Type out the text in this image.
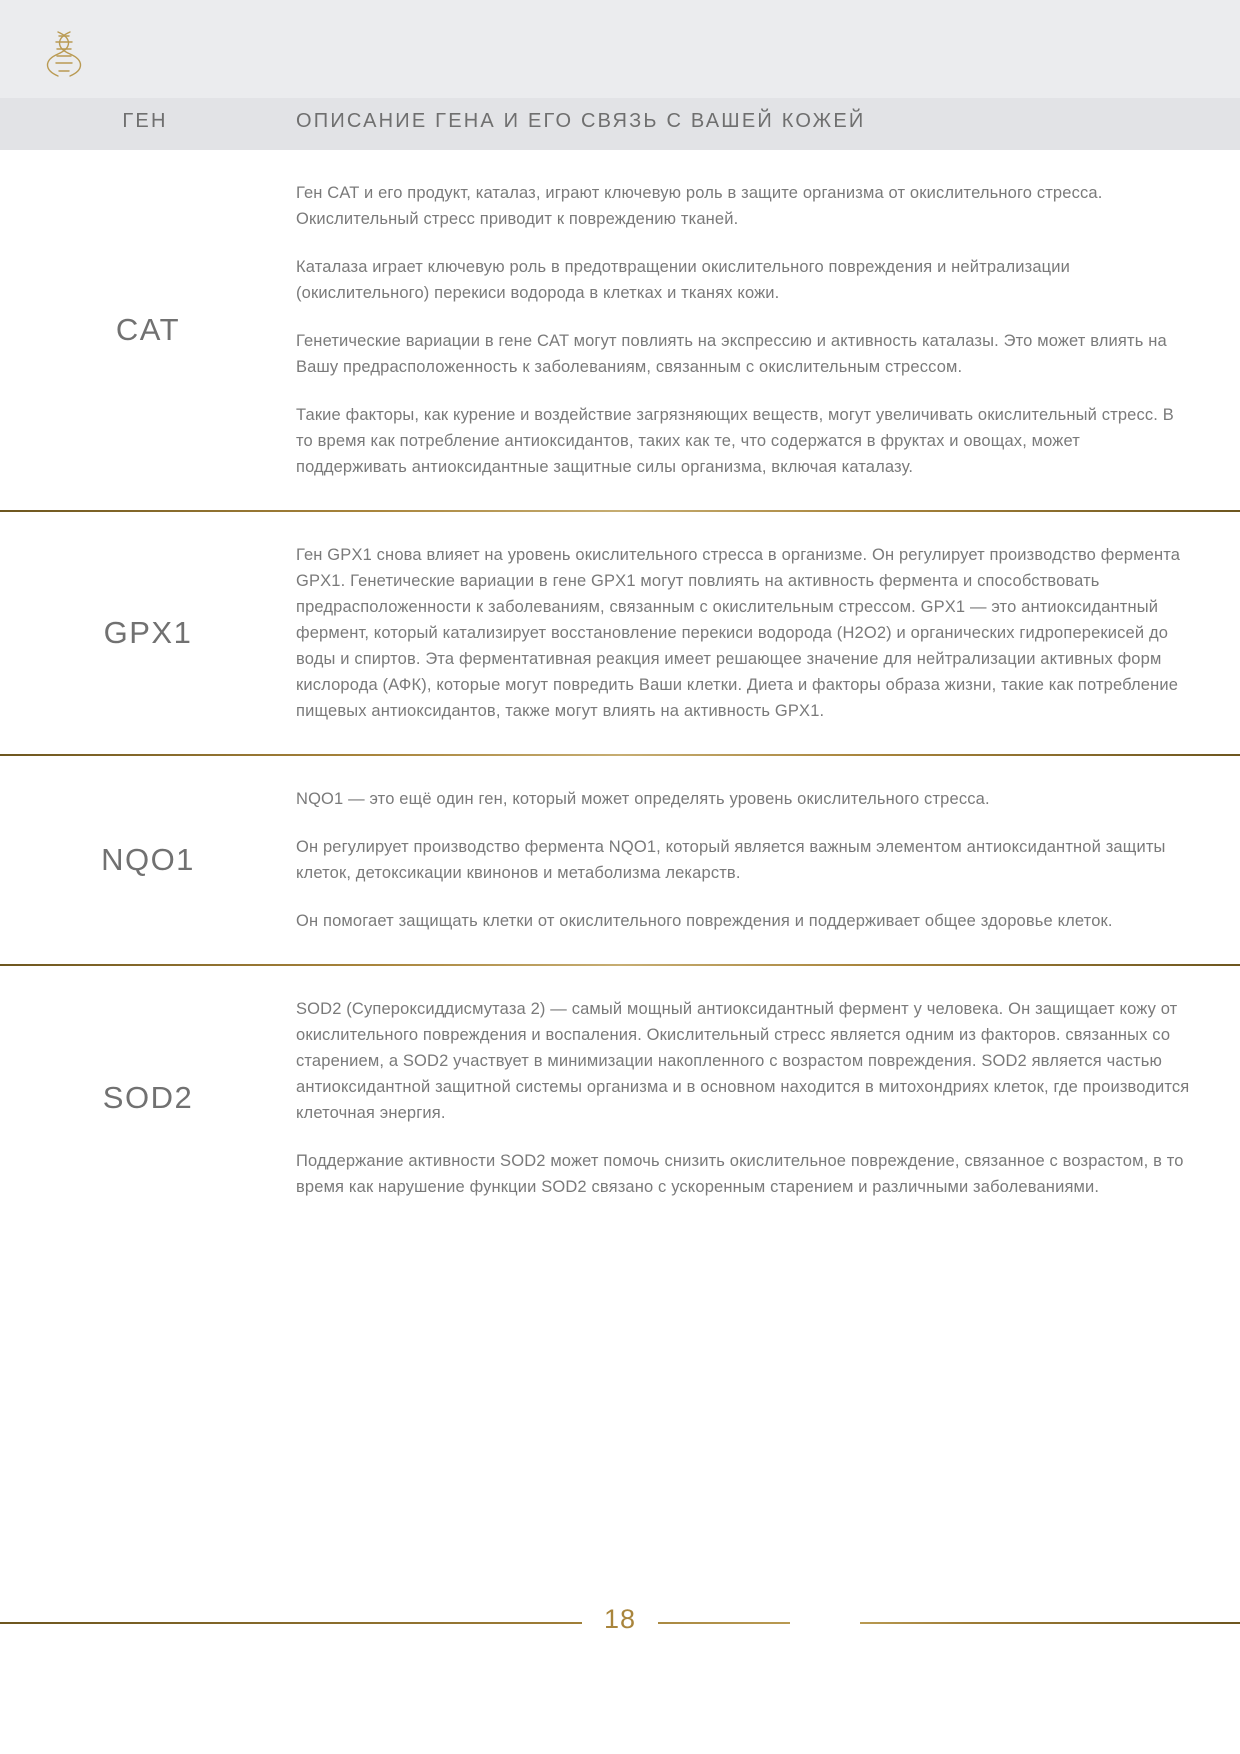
ГЕН	ОПИСАНИЕ ГЕНА И ЕГО СВЯЗЬ С ВАШЕЙ КОЖЕЙ
CAT

Ген CAT и его продукт, каталаз, играют ключевую роль в защите организма от окислительного стресса. Окислительный стресс приводит к повреждению тканей.

Каталаза играет ключевую роль в предотвращении окислительного повреждения и нейтрализации (окислительного) перекиси водорода в клетках и тканях кожи.

Генетические вариации в гене CAT могут повлиять на экспрессию и активность каталазы. Это может влиять на Вашу предрасположенность к заболеваниям, связанным с окислительным стрессом.

Такие факторы, как курение и воздействие загрязняющих веществ, могут увеличивать окислительный стресс. В то время как потребление антиоксидантов, таких как те, что содержатся в фруктах и овощах, может поддерживать антиоксидантные защитные силы организма, включая каталазу.

GPX1

Ген GPX1 снова влияет на уровень окислительного стресса в организме. Он регулирует производство фермента GPX1. Генетические вариации в гене GPX1 могут повлиять на активность фермента и способствовать предрасположенности к заболеваниям, связанным с окислительным стрессом. GPX1 — это антиоксидантный фермент, который катализирует восстановление перекиси водорода (H2O2) и органических гидроперекисей до воды и спиртов. Эта ферментативная реакция имеет решающее значение для нейтрализации активных форм кислорода (АФК), которые могут повредить Ваши клетки. Диета и факторы образа жизни, такие как потребление пищевых антиоксидантов, также могут влиять на активность GPX1.

NQO1

NQO1 — это ещё один ген, который может определять уровень окислительного стресса.

Он регулирует производство фермента NQO1, который является важным элементом антиоксидантной защиты клеток, детоксикации квинонов и метаболизма лекарств.

Он помогает защищать клетки от окислительного повреждения и поддерживает общее здоровье клеток.

SOD2

SOD2 (Супероксиддисмутаза 2) — самый мощный антиоксидантный фермент у человека. Он защищает кожу от окислительного повреждения и воспаления. Окислительный стресс является одним из факторов. связанных со старением, а SOD2 участвует в минимизации накопленного с возрастом повреждения. SOD2 является частью антиоксидантной защитной системы организма и в основном находится в митохондриях клеток, где производится клеточная энергия.

Поддержание активности SOD2 может помочь снизить окислительное повреждение, связанное с возрастом, в то время как нарушение функции SOD2 связано с ускоренным старением и различными заболеваниями.

18
